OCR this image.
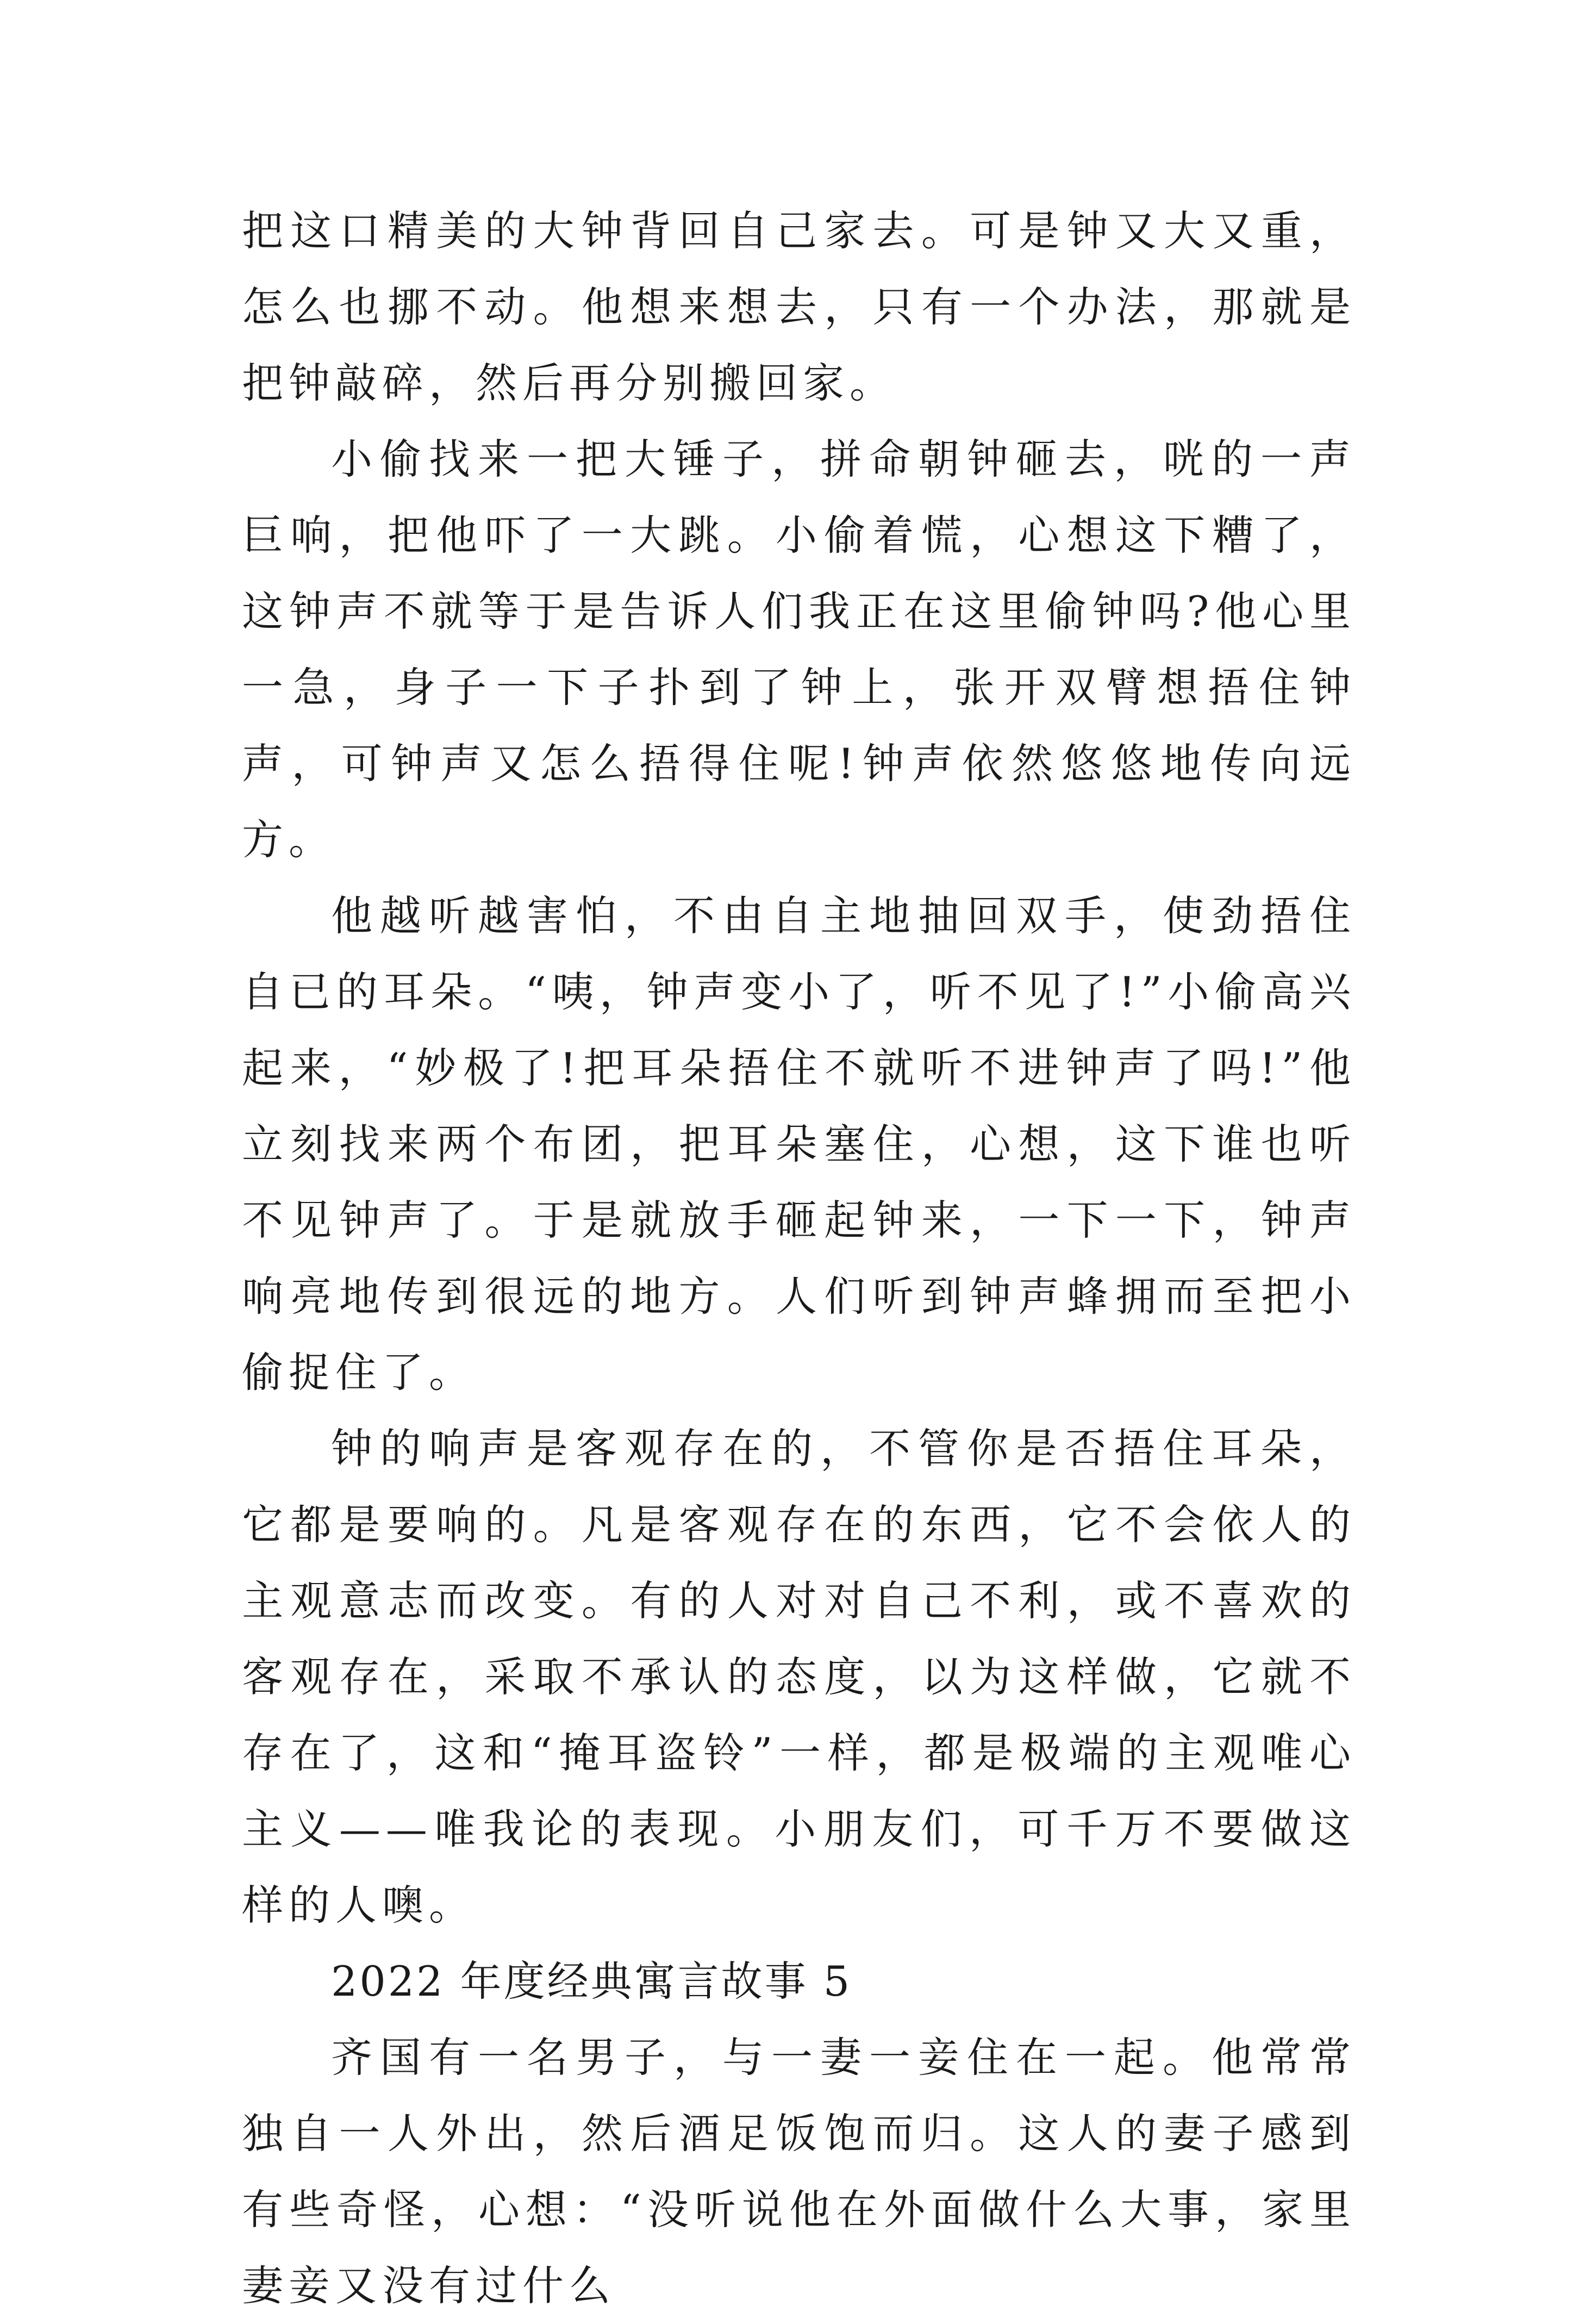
把这口精美的大钟背回自己家去。可是钟又大又重，怎么也挪不动。他想来想去，只有一个办法，那就是把钟敲碎，然后再分别搬回家。

小偷找来一把大锤子，拼命朝钟砸去，咣的一声巨响，把他吓了一大跳。小偷着慌，心想这下糟了，这钟声不就等于是告诉人们我正在这里偷钟吗?他心里一急，身子一下子扑到了钟上，张开双臂想捂住钟声，可钟声又怎么捂得住呢!钟声依然悠悠地传向远方。

他越听越害怕，不由自主地抽回双手，使劲捂住自已的耳朵。“咦，钟声变小了，听不见了!”小偷高兴起来，“妙极了!把耳朵捂住不就听不进钟声了吗!”他立刻找来两个布团，把耳朵塞住，心想，这下谁也听不见钟声了。于是就放手砸起钟来，一下一下，钟声响亮地传到很远的地方。人们听到钟声蜂拥而至把小偷捉住了。

钟的响声是客观存在的，不管你是否捂住耳朵，它都是要响的。凡是客观存在的东西，它不会依人的主观意志而改变。有的人对对自己不利，或不喜欢的客观存在，采取不承认的态度，以为这样做，它就不存在了，这和“掩耳盗铃”一样，都是极端的主观唯心主义——唯我论的表现。小朋友们，可千万不要做这样的人噢。

2022 年度经典寓言故事 5

齐国有一名男子，与一妻一妾住在一起。他常常独自一人外出，然后酒足饭饱而归。这人的妻子感到有些奇怪，心想：“没听说他在外面做什么大事，家里妻妾又没有过什么
